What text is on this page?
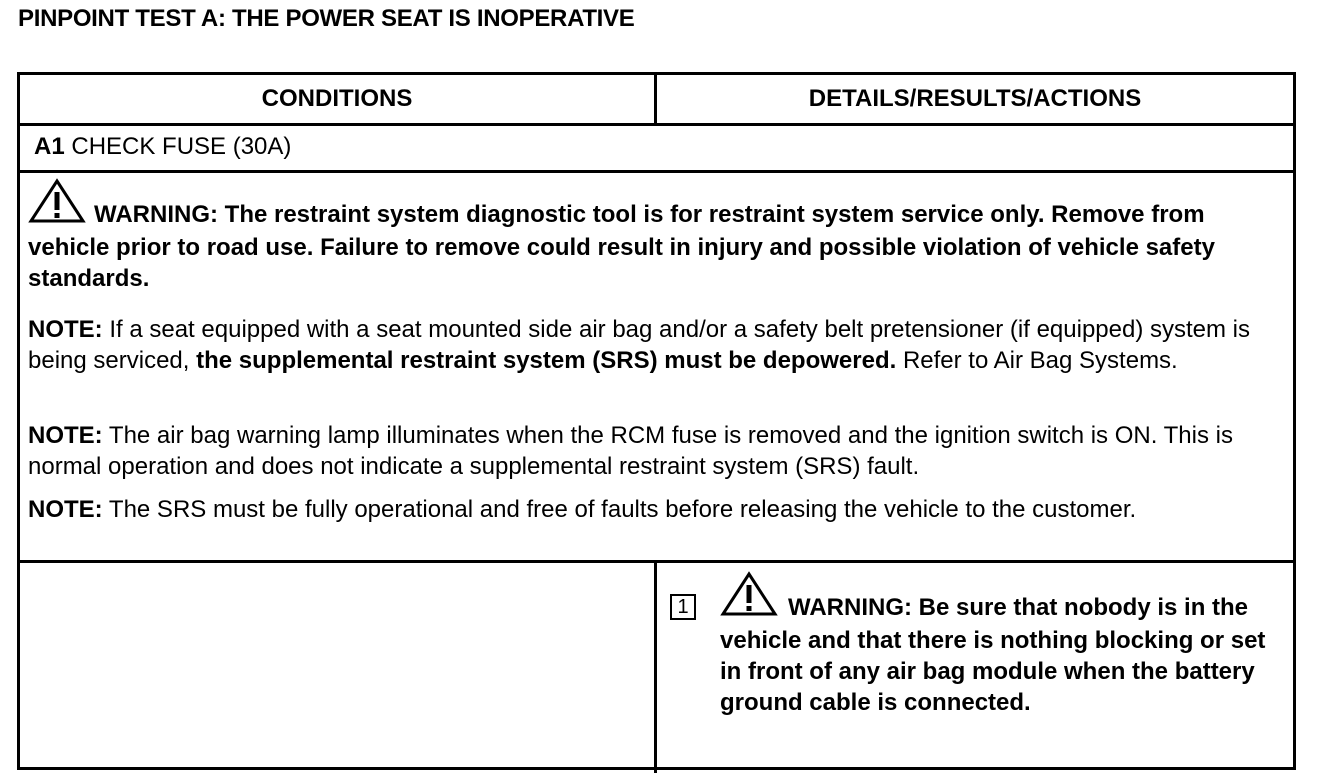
PINPOINT TEST A: THE POWER SEAT IS INOPERATIVE
CONDITIONS	DETAILS/RESULTS/ACTIONS
A1 CHECK FUSE (30A)
WARNING: The restraint system diagnostic tool is for restraint system service only. Remove from vehicle prior to road use. Failure to remove could result in injury and possible violation of vehicle safety standards.
NOTE: If a seat equipped with a seat mounted side air bag and/or a safety belt pretensioner (if equipped) system is being serviced, the supplemental restraint system (SRS) must be depowered. Refer to Air Bag Systems.
NOTE: The air bag warning lamp illuminates when the RCM fuse is removed and the ignition switch is ON. This is normal operation and does not indicate a supplemental restraint system (SRS) fault.
NOTE: The SRS must be fully operational and free of faults before releasing the vehicle to the customer.
1	WARNING: Be sure that nobody is in the vehicle and that there is nothing blocking or set in front of any air bag module when the battery ground cable is connected.
